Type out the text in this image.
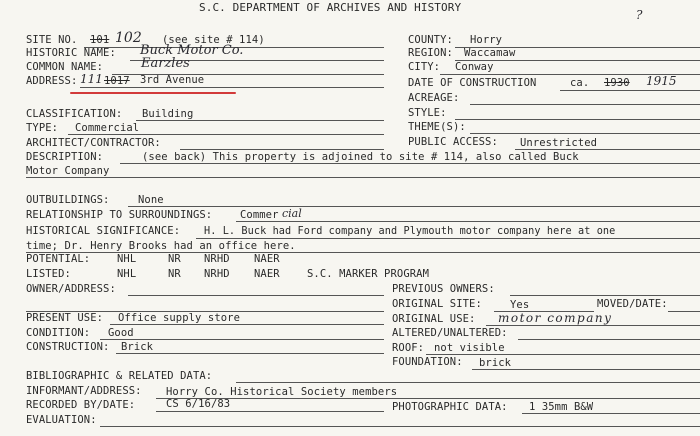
S.C. DEPARTMENT OF ARCHIVES AND HISTORY
?
SITE NO. 101 102 (see site # 114)
HISTORIC NAME: Buck Motor Co.
COMMON NAME:	Earzles
ADDRESS: 111 1017 3rd Avenue
COUNTY: Horry
REGION: Waccamaw
CITY: Conway
DATE OF CONSTRUCTION	ca. 1930 1915
ACREAGE:
STYLE:
THEME(S):
PUBLIC ACCESS: Unrestricted
CLASSIFICATION: Building
TYPE: Commercial
ARCHITECT/CONTRACTOR:
DESCRIPTION:	(see back) This property is adjoined to site # 114, also called Buck
Motor Company
OUTBUILDINGS:	None
RELATIONSHIP TO SURROUNDINGS:	Commer cial
HISTORICAL SIGNIFICANCE: H. L. Buck had Ford company and Plymouth motor company here at one
time; Dr. Henry Brooks had an office here.
POTENTIAL:	NHL	NR NRHD NAER
LISTED:	NHL	NR NRHD NAER	S.C. MARKER PROGRAM
OWNER/ADDRESS:	PREVIOUS OWNERS:
ORIGINAL SITE:	Yes	MOVED/DATE:
PRESENT USE: Office supply store
CONDITION: Good
CONSTRUCTION: Brick
ORIGINAL USE: motor company
ALTERED/UNALTERED:
ROOF: not visible
FOUNDATION: brick
BIBLIOGRAPHIC & RELATED DATA:
INFORMANT/ADDRESS: Horry Co. Historical Society members
RECORDED BY/DATE:	CS 6/16/83	PHOTOGRAPHIC DATA: 1 35mm B&W
EVALUATION:
